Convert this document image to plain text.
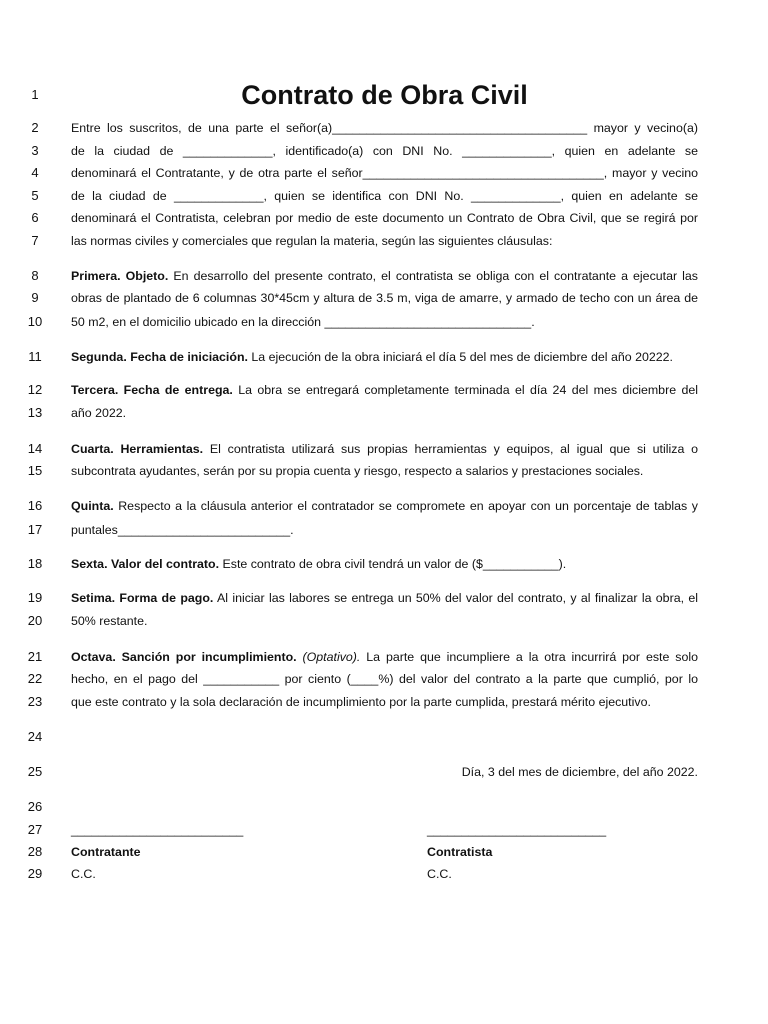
1	Contrato de Obra Civil
2	Entre los suscritos, de una parte el señor(a)_____________________________________ mayor y vecino(a)
3	de la ciudad de _____________, identificado(a) con DNI No. _____________, quien en adelante se
4	denominará el Contratante, y de otra parte el señor___________________________________, mayor y vecino
5	de la ciudad de _____________, quien se identifica con DNI No. _____________, quien en adelante se
6	denominará el Contratista, celebran por medio de este documento un Contrato de Obra Civil, que se regirá por
7	las normas civiles y comerciales que regulan la materia, según las siguientes cláusulas:
8	Primera. Objeto. En desarrollo del presente contrato, el contratista se obliga con el contratante a ejecutar las
9	obras de plantado de 6 columnas 30*45cm y altura de 3.5 m, viga de amarre, y armado de techo con un área de
10	50 m2, en el domicilio ubicado en la dirección ______________________________.
11	Segunda. Fecha de iniciación. La ejecución de la obra iniciará el día 5 del mes de diciembre del año 20222.
12	Tercera. Fecha de entrega. La obra se entregará completamente terminada el día 24 del mes diciembre del
13	año 2022.
14	Cuarta. Herramientas. El contratista utilizará sus propias herramientas y equipos, al igual que si utiliza o
15	subcontrata ayudantes, serán por su propia cuenta y riesgo, respecto a salarios y prestaciones sociales.
16	Quinta. Respecto a la cláusula anterior el contratador se compromete en apoyar con un porcentaje de tablas y
17	puntales_________________________.
18	Sexta. Valor del contrato. Este contrato de obra civil tendrá un valor de ($___________).
19	Setima. Forma de pago. Al iniciar las labores se entrega un 50% del valor del contrato, y al finalizar la obra, el
20	50% restante.
21	Octava. Sanción por incumplimiento. (Optativo). La parte que incumpliere a la otra incurrirá por este solo
22	hecho, en el pago del ___________ por ciento (____%) del valor del contrato a la parte que cumplió, por lo
23	que este contrato y la sola declaración de incumplimiento por la parte cumplida, prestará mérito ejecutivo.
24
25	Día, 3 del mes de diciembre, del año 2022.
26
27	_________________________	__________________________
28	Contratante	Contratista
29	C.C.	C.C.
